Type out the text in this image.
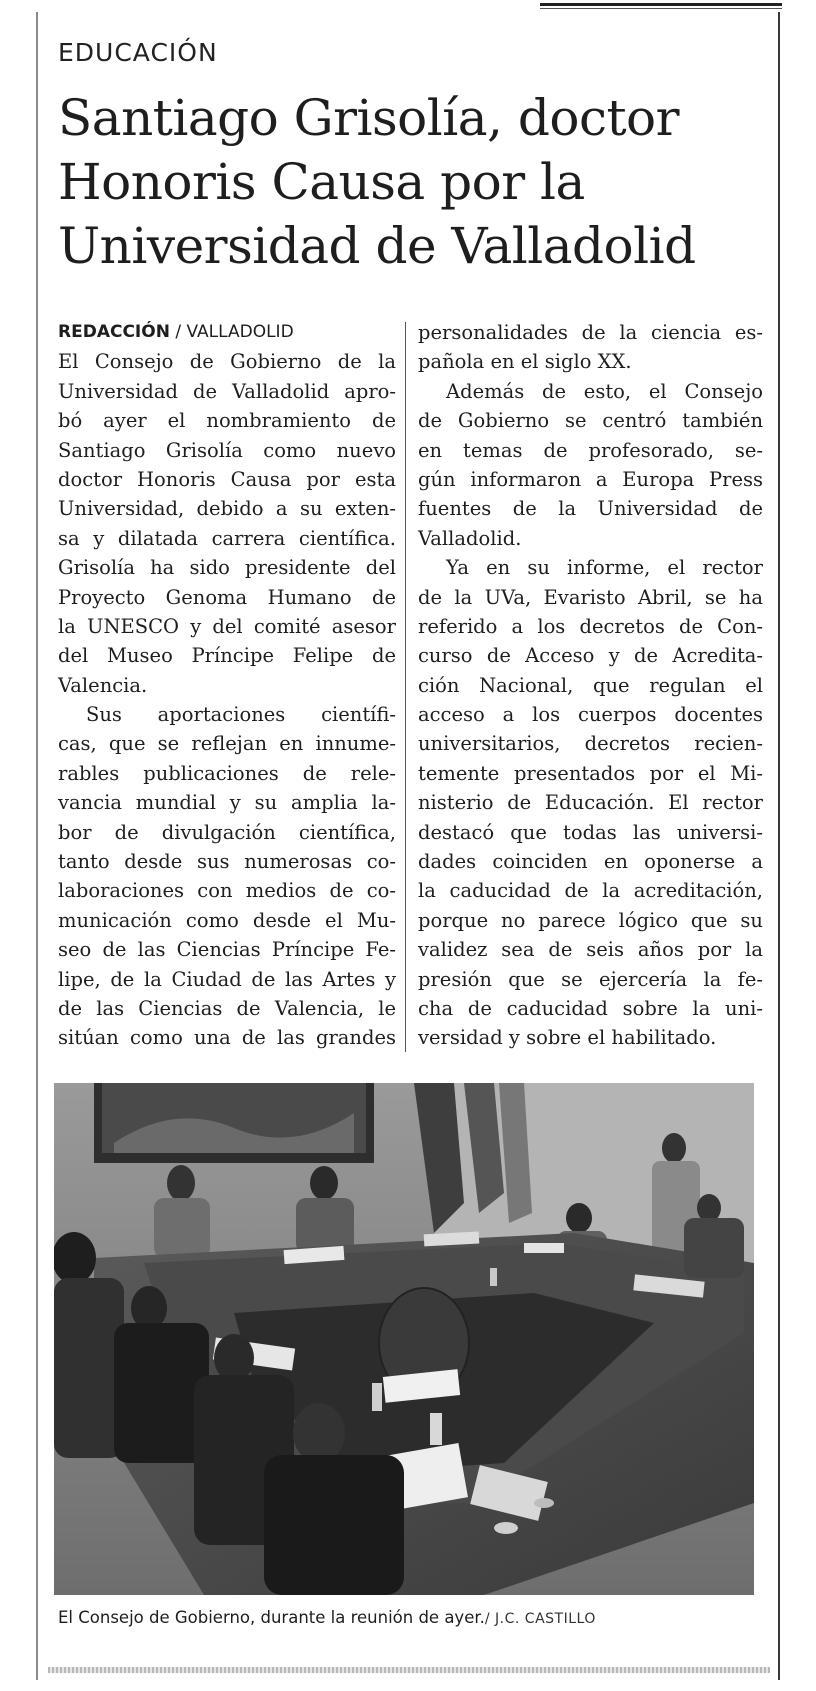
EDUCACIÓN
Santiago Grisolía, doctor
Honoris Causa por la
Universidad de Valladolid
REDACCIÓN / VALLADOLID
El Consejo de Gobierno de la
Universidad de Valladolid apro-
bó ayer el nombramiento de
Santiago Grisolía como nuevo
doctor Honoris Causa por esta
Universidad, debido a su exten-
sa y dilatada carrera científica.
Grisolía ha sido presidente del
Proyecto Genoma Humano de
la UNESCO y del comité asesor
del Museo Príncipe Felipe de
Valencia.
Sus aportaciones científi-
cas, que se reflejan en innume-
rables publicaciones de rele-
vancia mundial y su amplia la-
bor de divulgación científica,
tanto desde sus numerosas co-
laboraciones con medios de co-
municación como desde el Mu-
seo de las Ciencias Príncipe Fe-
lipe, de la Ciudad de las Artes y
de las Ciencias de Valencia, le
sitúan como una de las grandes
personalidades de la ciencia es-
pañola en el siglo XX.
Además de esto, el Consejo
de Gobierno se centró también
en temas de profesorado, se-
gún informaron a Europa Press
fuentes de la Universidad de
Valladolid.
Ya en su informe, el rector
de la UVa, Evaristo Abril, se ha
referido a los decretos de Con-
curso de Acceso y de Acredita-
ción Nacional, que regulan el
acceso a los cuerpos docentes
universitarios, decretos recien-
temente presentados por el Mi-
nisterio de Educación. El rector
destacó que todas las universi-
dades coinciden en oponerse a
la caducidad de la acreditación,
porque no parece lógico que su
validez sea de seis años por la
presión que se ejercería la fe-
cha de caducidad sobre la uni-
versidad y sobre el habilitado.
El Consejo de Gobierno, durante la reunión de ayer./ J.C. CASTILLO
